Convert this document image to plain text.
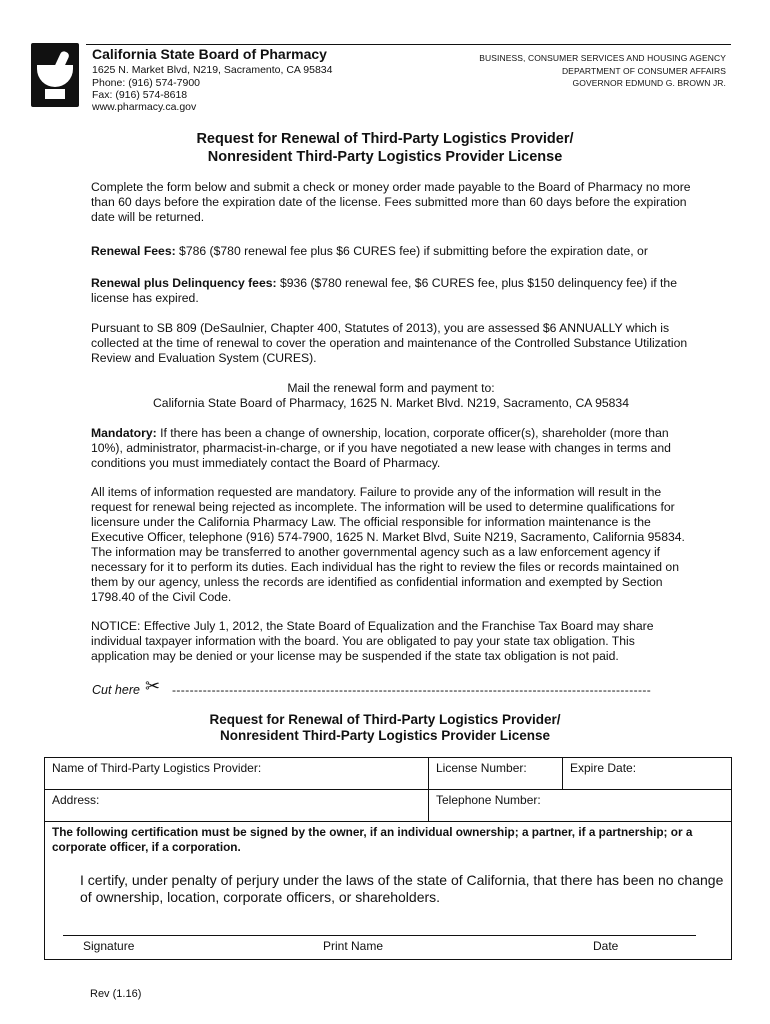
California State Board of Pharmacy
1625 N. Market Blvd, N219, Sacramento, CA 95834
Phone: (916) 574-7900
Fax: (916) 574-8618
www.pharmacy.ca.gov
BUSINESS, CONSUMER SERVICES AND HOUSING AGENCY
DEPARTMENT OF CONSUMER AFFAIRS
GOVERNOR EDMUND G. BROWN JR.
Request for Renewal of Third-Party Logistics Provider/
Nonresident Third-Party Logistics Provider License
Complete the form below and submit a check or money order made payable to the Board of Pharmacy no more than 60 days before the expiration date of the license. Fees submitted more than 60 days before the expiration date will be returned.
Renewal Fees: $786 ($780 renewal fee plus $6 CURES fee) if submitting before the expiration date, or
Renewal plus Delinquency fees: $936 ($780 renewal fee, $6 CURES fee, plus $150 delinquency fee) if the license has expired.
Pursuant to SB 809 (DeSaulnier, Chapter 400, Statutes of 2013), you are assessed $6 ANNUALLY which is collected at the time of renewal to cover the operation and maintenance of the Controlled Substance Utilization Review and Evaluation System (CURES).
Mail the renewal form and payment to:
California State Board of Pharmacy, 1625 N. Market Blvd. N219, Sacramento, CA 95834
Mandatory: If there has been a change of ownership, location, corporate officer(s), shareholder (more than 10%), administrator, pharmacist-in-charge, or if you have negotiated a new lease with changes in terms and conditions you must immediately contact the Board of Pharmacy.
All items of information requested are mandatory. Failure to provide any of the information will result in the request for renewal being rejected as incomplete. The information will be used to determine qualifications for licensure under the California Pharmacy Law. The official responsible for information maintenance is the Executive Officer, telephone (916) 574-7900, 1625 N. Market Blvd, Suite N219, Sacramento, California 95834. The information may be transferred to another governmental agency such as a law enforcement agency if necessary for it to perform its duties. Each individual has the right to review the files or records maintained on them by our agency, unless the records are identified as confidential information and exempted by Section 1798.40 of the Civil Code.
NOTICE: Effective July 1, 2012, the State Board of Equalization and the Franchise Tax Board may share individual taxpayer information with the board. You are obligated to pay your state tax obligation. This application may be denied or your license may be suspended if the state tax obligation is not paid.
Cut here ✂ -------------------------------------------------------------------------------------------------------------
Request for Renewal of Third-Party Logistics Provider/
Nonresident Third-Party Logistics Provider License
Name of Third-Party Logistics Provider:	License Number:	Expire Date:
Address:	Telephone Number:
The following certification must be signed by the owner, if an individual ownership; a partner, if a partnership; or a corporate officer, if a corporation.
I certify, under penalty of perjury under the laws of the state of California, that there has been no change of ownership, location, corporate officers, or shareholders.
Signature	Print Name	Date
Rev (1.16)
